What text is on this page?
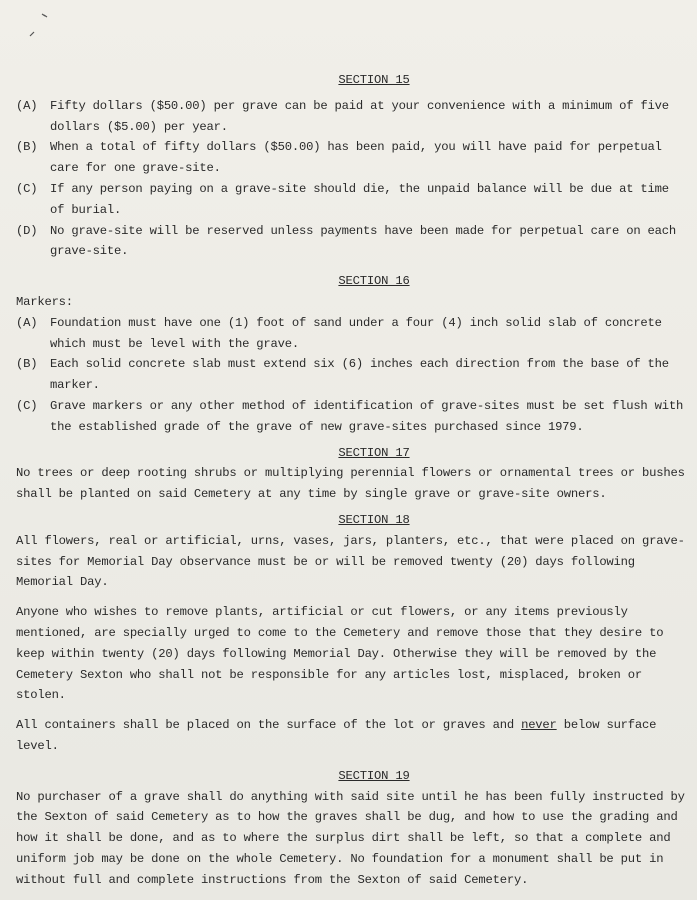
SECTION 15

(A)	Fifty dollars ($50.00) per grave can be paid at your convenience with a minimum of five dollars ($5.00) per year.
(B)	When a total of fifty dollars ($50.00) has been paid, you will have paid for perpetual care for one grave-site.
(C)	If any person paying on a grave-site should die, the unpaid balance will be due at time of burial.
(D)	No grave-site will be reserved unless payments have been made for perpetual care on each grave-site.

SECTION 16

Markers:

(A)	Foundation must have one (1) foot of sand under a four (4) inch solid slab of concrete which must be level with the grave.
(B)	Each solid concrete slab must extend six (6) inches each direction from the base of the marker.
(C)	Grave markers or any other method of identification of grave-sites must be set flush with the established grade of the grave of new grave-sites purchased since 1979.

SECTION 17

No trees or deep rooting shrubs or multiplying perennial flowers or ornamental trees or bushes shall be planted on said Cemetery at any time by single grave or grave-site owners.

SECTION 18

All flowers, real or artificial, urns, vases, jars, planters, etc., that were placed on grave-sites for Memorial Day observance must be or will be removed twenty (20) days following Memorial Day.

Anyone who wishes to remove plants, artificial or cut flowers, or any items previously mentioned, are specially urged to come to the Cemetery and remove those that they desire to keep within twenty (20) days following Memorial Day. Otherwise they will be removed by the Cemetery Sexton who shall not be responsible for any articles lost, misplaced, broken or stolen.

All containers shall be placed on the surface of the lot or graves and never below surface level.

SECTION 19

No purchaser of a grave shall do anything with said site until he has been fully instructed by the Sexton of said Cemetery as to how the graves shall be dug, and how to use the grading and how it shall be done, and as to where the surplus dirt shall be left, so that a complete and uniform job may be done on the whole Cemetery. No foundation for a monument shall be put in without full and complete instructions from the Sexton of said Cemetery.
